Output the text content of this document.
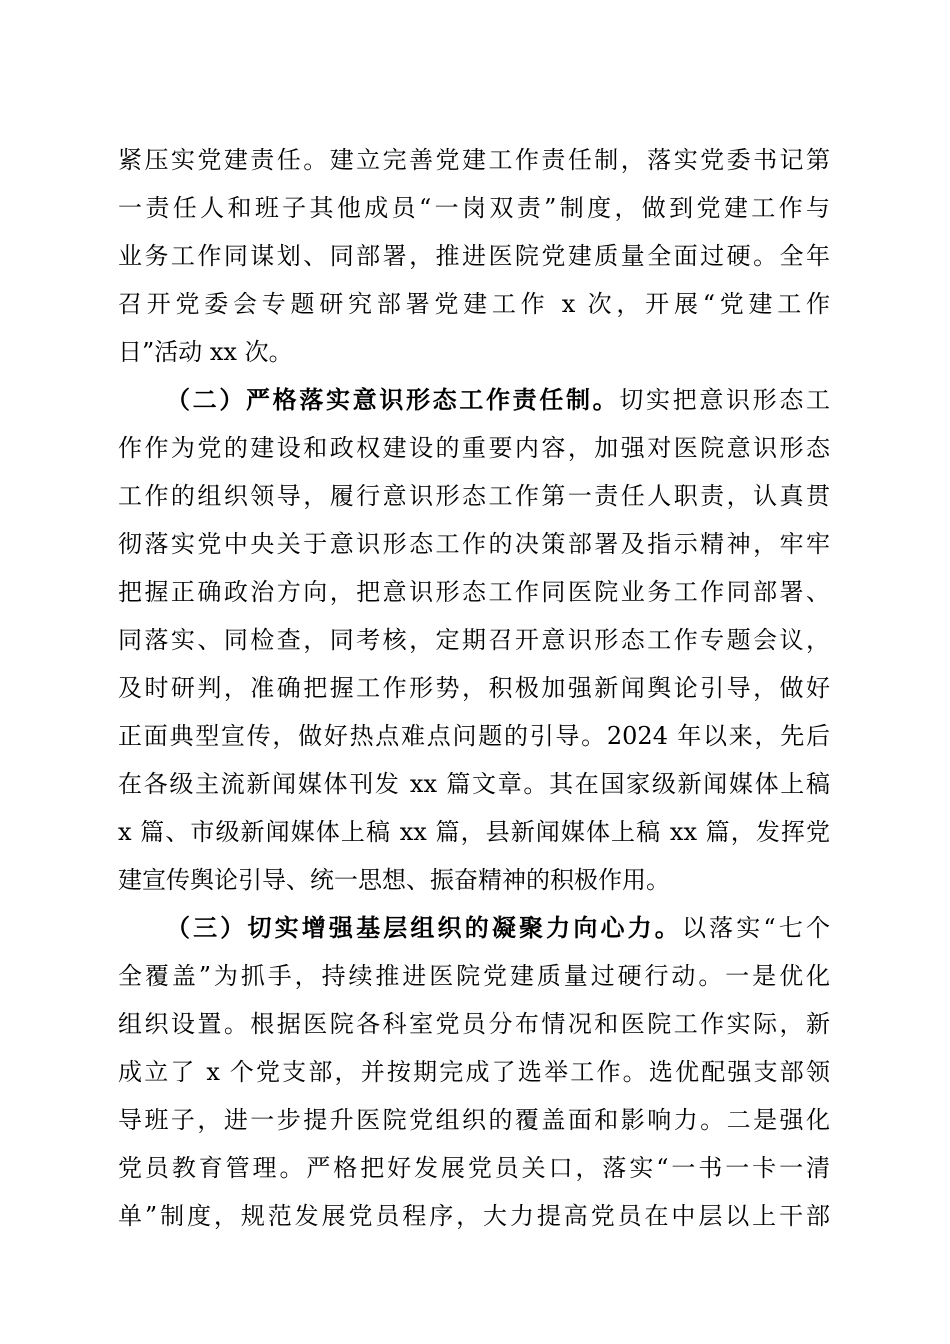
紧压实党建责任。建立完善党建工作责任制，落实党委书记第
一责任人和班子其他成员“一岗双责”制度，做到党建工作与
业务工作同谋划、同部署，推进医院党建质量全面过硬。全年
召开党委会专题研究部署党建工作 x 次，开展“党建工作
日”活动 xx 次。
（二）严格落实意识形态工作责任制。切实把意识形态工
作作为党的建设和政权建设的重要内容，加强对医院意识形态
工作的组织领导，履行意识形态工作第一责任人职责，认真贯
彻落实党中央关于意识形态工作的决策部署及指示精神，牢牢
把握正确政治方向，把意识形态工作同医院业务工作同部署、
同落实、同检查，同考核，定期召开意识形态工作专题会议，
及时研判，准确把握工作形势，积极加强新闻舆论引导，做好
正面典型宣传，做好热点难点问题的引导。2024 年以来，先后
在各级主流新闻媒体刊发 xx 篇文章。其在国家级新闻媒体上稿
x 篇、市级新闻媒体上稿 xx 篇，县新闻媒体上稿 xx 篇，发挥党
建宣传舆论引导、统一思想、振奋精神的积极作用。
（三）切实增强基层组织的凝聚力向心力。以落实“七个
全覆盖”为抓手，持续推进医院党建质量过硬行动。一是优化
组织设置。根据医院各科室党员分布情况和医院工作实际，新
成立了 x 个党支部，并按期完成了选举工作。选优配强支部领
导班子，进一步提升医院党组织的覆盖面和影响力。二是强化
党员教育管理。严格把好发展党员关口，落实“一书一卡一清
单”制度，规范发展党员程序，大力提高党员在中层以上干部
